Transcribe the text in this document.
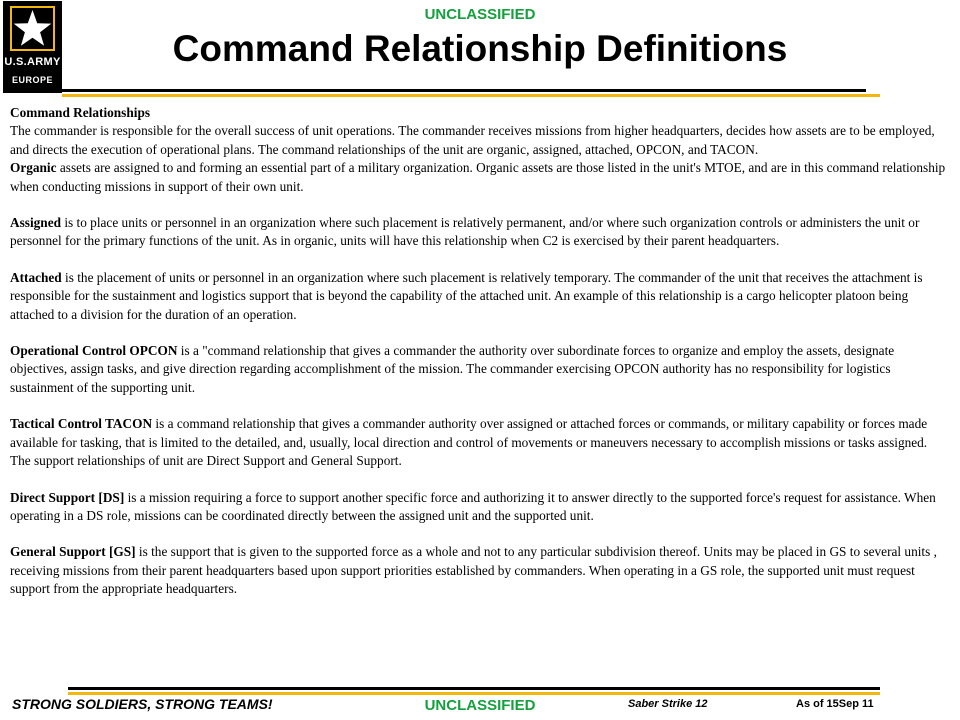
UNCLASSIFIED
U.S.ARMY
EUROPE
Command Relationship Definitions

Command Relationships

The commander is responsible for the overall success of unit operations. The commander receives missions from higher headquarters, decides how assets are to be employed, and directs the execution of operational plans. The command relationships of the unit are organic, assigned, attached, OPCON, and TACON.

Organic assets are assigned to and forming an essential part of a military organization. Organic assets are those listed in the unit's MTOE, and are in this command relationship when conducting missions in support of their own unit.

Assigned is to place units or personnel in an organization where such placement is relatively permanent, and/or where such organization controls or administers the unit or personnel for the primary functions of the unit. As in organic, units will have this relationship when C2 is exercised by their parent headquarters.

Attached is the placement of units or personnel in an organization where such placement is relatively temporary. The commander of the unit that receives the attachment is responsible for the sustainment and logistics support that is beyond the capability of the attached unit. An example of this relationship is a cargo helicopter platoon being attached to a division for the duration of an operation.

Operational Control OPCON is a "command relationship that gives a commander the authority over subordinate forces to organize and employ the assets, designate objectives, assign tasks, and give direction regarding accomplishment of the mission. The commander exercising OPCON authority has no responsibility for logistics sustainment of the supporting unit.

Tactical Control TACON is a command relationship that gives a commander authority over assigned or attached forces or commands, or military capability or forces made available for tasking, that is limited to the detailed, and, usually, local direction and control of movements or maneuvers necessary to accomplish missions or tasks assigned.

The support relationships of unit are Direct Support and General Support.

Direct Support [DS] is a mission requiring a force to support another specific force and authorizing it to answer directly to the supported force's request for assistance. When operating in a DS role, missions can be coordinated directly between the assigned unit and the supported unit.

General Support [GS] is the support that is given to the supported force as a whole and not to any particular subdivision thereof. Units may be placed in GS to several units , receiving missions from their parent headquarters based upon support priorities established by commanders. When operating in a GS role, the supported unit must request support from the appropriate headquarters.

STRONG SOLDIERS, STRONG TEAMS!	UNCLASSIFIED	Saber Strike 12	As of 15Sep 11
